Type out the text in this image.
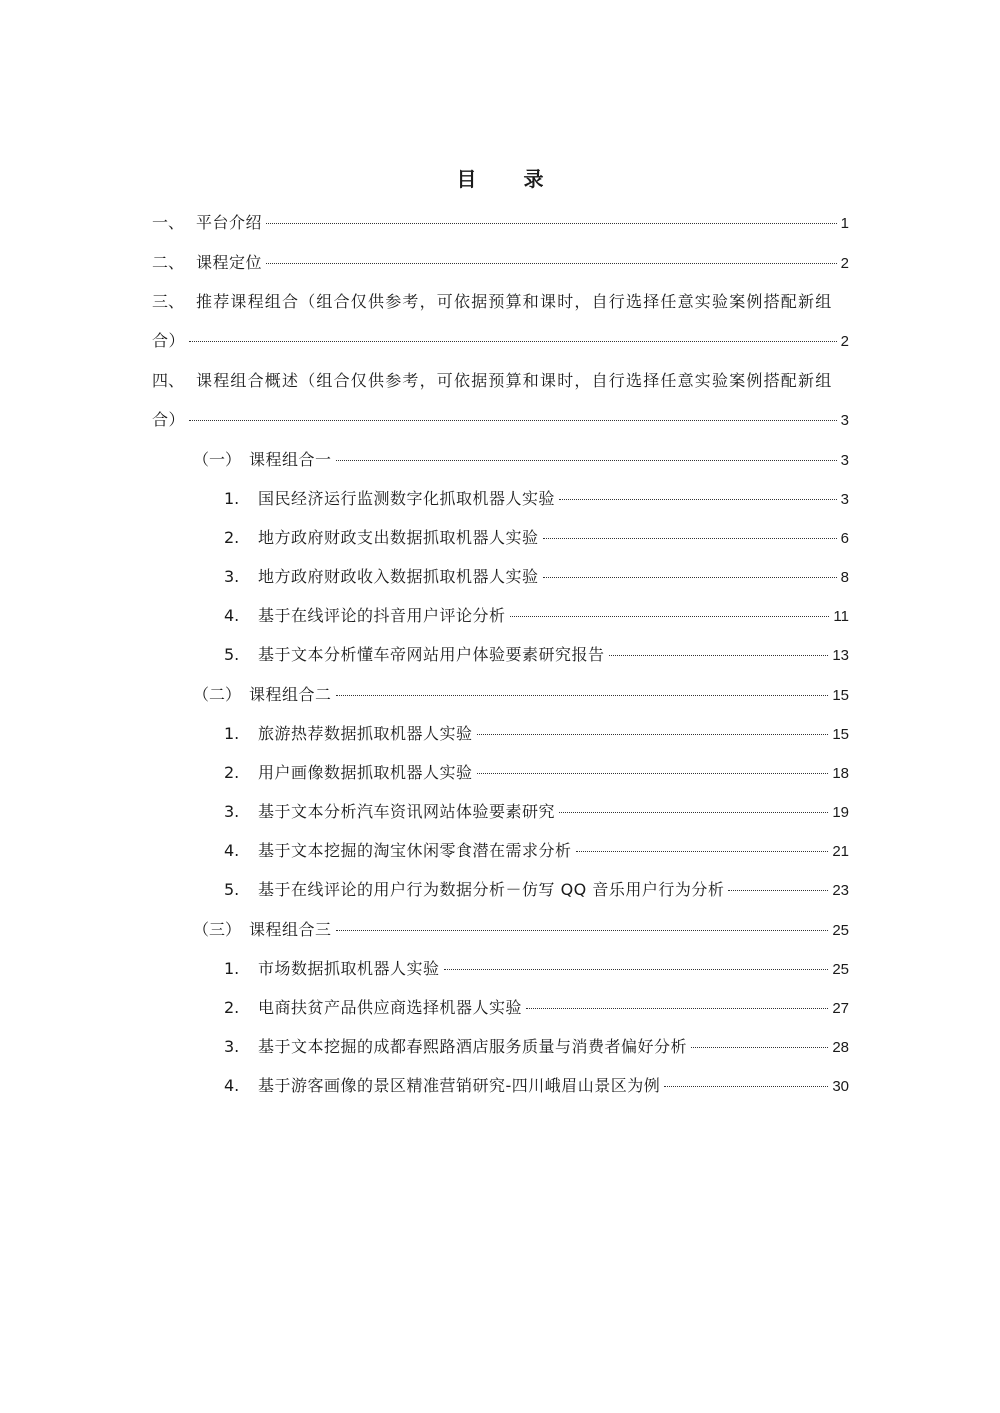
目 录
一、 平台介绍	1
二、 课程定位	2
三、 推荐课程组合（组合仅供参考，可依据预算和课时，自行选择任意实验案例搭配新组
合）	2
四、 课程组合概述（组合仅供参考，可依据预算和课时，自行选择任意实验案例搭配新组
合）	3
（一） 课程组合一	3
1.	国民经济运行监测数字化抓取机器人实验	3
2.	地方政府财政支出数据抓取机器人实验	6
3.	地方政府财政收入数据抓取机器人实验	8
4.	基于在线评论的抖音用户评论分析	11
5.	基于文本分析懂车帝网站用户体验要素研究报告	13
（二） 课程组合二	15
1.	旅游热荐数据抓取机器人实验	15
2.	用户画像数据抓取机器人实验	18
3.	基于文本分析汽车资讯网站体验要素研究	19
4.	基于文本挖掘的淘宝休闲零食潜在需求分析	21
5.	基于在线评论的用户行为数据分析－仿写 QQ 音乐用户行为分析	23
（三） 课程组合三	25
1.	市场数据抓取机器人实验	25
2.	电商扶贫产品供应商选择机器人实验	27
3.	基于文本挖掘的成都春熙路酒店服务质量与消费者偏好分析	28
4.	基于游客画像的景区精准营销研究-四川峨眉山景区为例	30
